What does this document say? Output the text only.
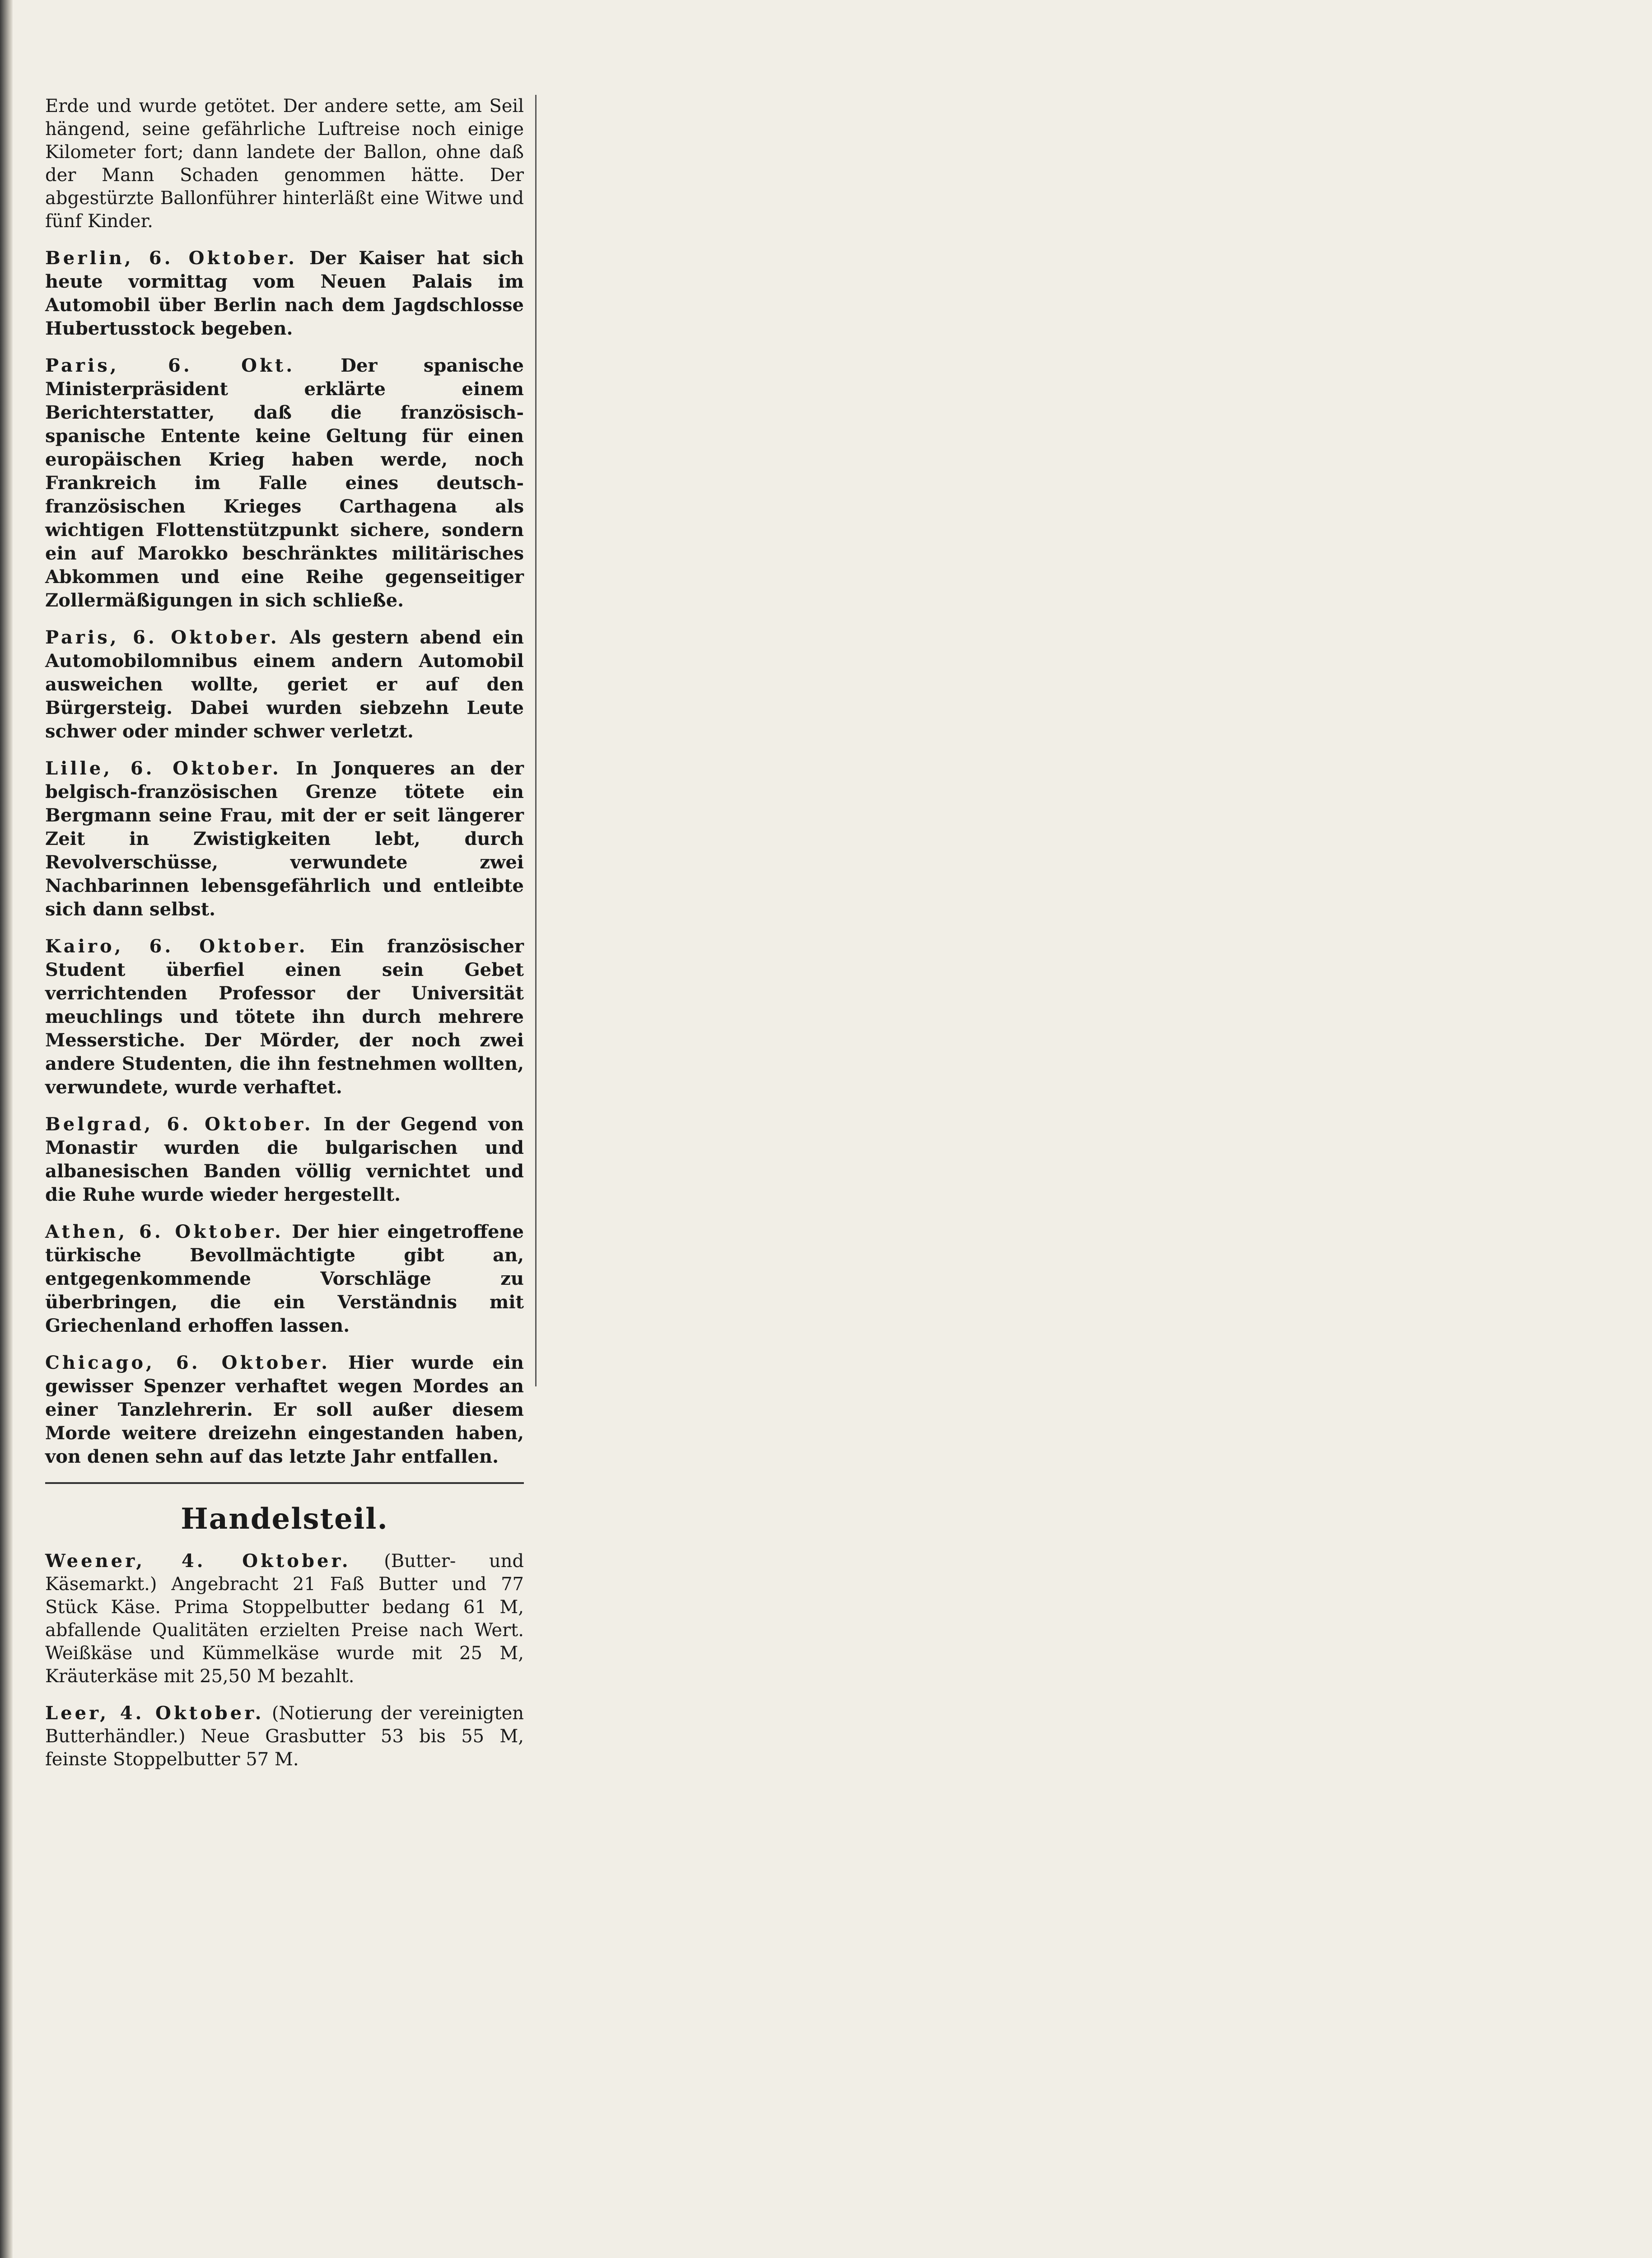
Erde und wurde getötet. Der andere sette, am Seil hängend, seine gefährliche Luftreise noch einige Kilometer fort; dann landete der Ballon, ohne daß der Mann Schaden genommen hätte. Der abgestürzte Ballonführer hinterläßt eine Witwe und fünf Kinder.

Berlin, 6. Oktober. Der Kaiser hat sich heute vormittag vom Neuen Palais im Automobil über Berlin nach dem Jagdschlosse Hubertusstock begeben.

Paris, 6. Okt.	Der spanische Ministerpräsident erklärte einem Berichterstatter, daß die französisch-spanische Entente keine Geltung für einen europäischen Krieg haben werde, noch Frankreich im Falle eines deutsch-französischen Krieges Carthagena als wichtigen Flottenstützpunkt sichere, sondern ein auf Marokko beschränktes militärisches Abkommen und eine Reihe gegenseitiger Zollermäßigungen in sich schließe.

Paris, 6. Oktober. Als gestern abend ein Automobilomnibus einem andern Automobil ausweichen wollte, geriet er auf den Bürgersteig. Dabei wurden siebzehn Leute schwer oder minder schwer verletzt.

Lille, 6. Oktober. In Jonqueres an der belgisch-französischen Grenze tötete ein Bergmann seine Frau, mit der er seit längerer Zeit in Zwistigkeiten lebt, durch Revolverschüsse, verwundete zwei Nachbarinnen lebensgefährlich und entleibte sich dann selbst.

Kairo, 6. Oktober. Ein französischer Student überfiel einen sein Gebet verrichtenden Professor der Universität meuchlings und tötete ihn durch mehrere Messerstiche. Der Mörder, der noch zwei andere Studenten, die ihn festnehmen wollten, verwundete, wurde verhaftet.

Belgrad, 6. Oktober. In der Gegend von Monastir wurden die bulgarischen und albanesischen Banden völlig vernichtet und die Ruhe wurde wieder hergestellt.

Athen, 6. Oktober. Der hier eingetroffene türkische Bevollmächtigte gibt an, entgegenkommende Vorschläge zu überbringen, die ein Verständnis mit Griechenland erhoffen lassen.

Chicago, 6. Oktober. Hier wurde ein gewisser Spenzer verhaftet wegen Mordes an einer Tanzlehrerin. Er soll außer diesem Morde weitere dreizehn eingestanden haben, von denen sehn auf das letzte Jahr entfallen.

Handelsteil.

Weener, 4. Oktober. (Butter- und Käsemarkt.) Angebracht 21 Faß Butter und 77 Stück Käse. Prima Stoppelbutter bedang 61 M, abfallende Qualitäten erzielten Preise nach Wert. Weißkäse und Kümmelkäse wurde mit 25 M, Kräuterkäse mit 25,50 M bezahlt.

Leer, 4. Oktober. (Notierung der vereinigten Butterhändler.) Neue Grasbutter 53 bis 55 M, feinste Stoppelbutter 57 M.
